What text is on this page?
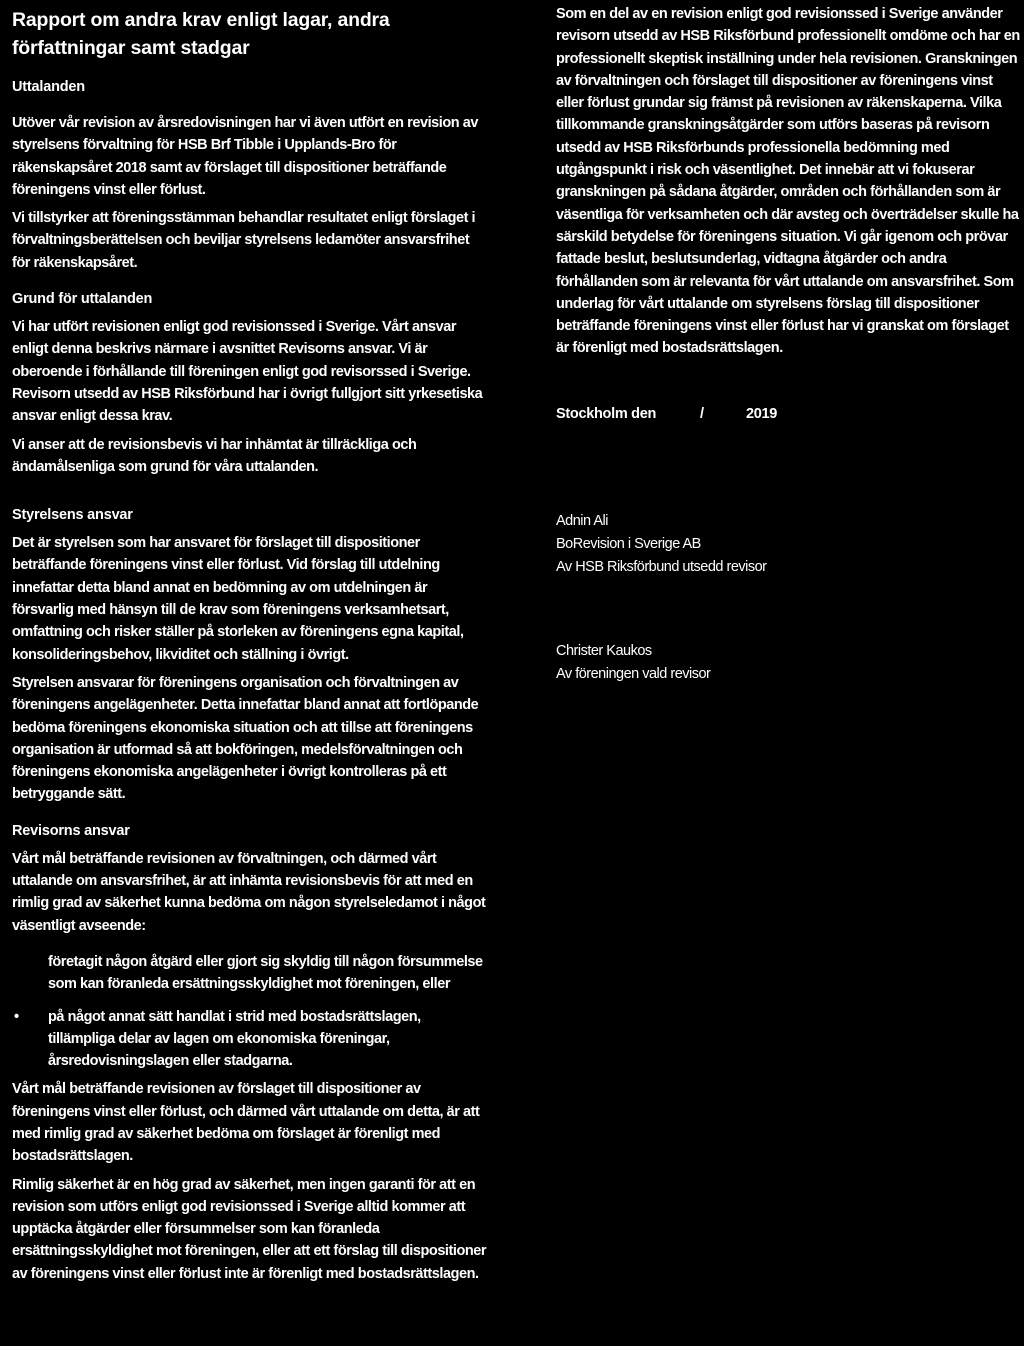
Rapport om andra krav enligt lagar, andra författningar samt stadgar
Uttalanden

Utöver vår revision av årsredovisningen har vi även utfört en revision av styrelsens förvaltning för HSB Brf Tibble i Upplands-Bro för räkenskapsåret 2018 samt av förslaget till dispositioner beträffande föreningens vinst eller förlust.

Vi tillstyrker att föreningsstämman behandlar resultatet enligt förslaget i förvaltningsberättelsen och beviljar styrelsens ledamöter ansvarsfrihet för räkenskapsåret.

Grund för uttalanden

Vi har utfört revisionen enligt god revisionssed i Sverige. Vårt ansvar enligt denna beskrivs närmare i avsnittet Revisorns ansvar. Vi är oberoende i förhållande till föreningen enligt god revisorssed i Sverige. Revisorn utsedd av HSB Riksförbund har i övrigt fullgjort sitt yrkesetiska ansvar enligt dessa krav.

Vi anser att de revisionsbevis vi har inhämtat är tillräckliga och ändamålsenliga som grund för våra uttalanden.

Styrelsens ansvar

Det är styrelsen som har ansvaret för förslaget till dispositioner beträffande föreningens vinst eller förlust. Vid förslag till utdelning innefattar detta bland annat en bedömning av om utdelningen är försvarlig med hänsyn till de krav som föreningens verksamhetsart, omfattning och risker ställer på storleken av föreningens egna kapital, konsolideringsbehov, likviditet och ställning i övrigt.

Styrelsen ansvarar för föreningens organisation och förvaltningen av föreningens angelägenheter. Detta innefattar bland annat att fortlöpande bedöma föreningens ekonomiska situation och att tillse att föreningens organisation är utformad så att bokföringen, medelsförvaltningen och föreningens ekonomiska angelägenheter i övrigt kontrolleras på ett betryggande sätt.

Revisorns ansvar

Vårt mål beträffande revisionen av förvaltningen, och därmed vårt uttalande om ansvarsfrihet, är att inhämta revisionsbevis för att med en rimlig grad av säkerhet kunna bedöma om någon styrelseledamot i något väsentligt avseende:

företagit någon åtgärd eller gjort sig skyldig till någon försummelse som kan föranleda ersättningsskyldighet mot föreningen, eller
•	på något annat sätt handlat i strid med bostadsrättslagen, tillämpliga delar av lagen om ekonomiska föreningar, årsredovisningslagen eller stadgarna.

Vårt mål beträffande revisionen av förslaget till dispositioner av föreningens vinst eller förlust, och därmed vårt uttalande om detta, är att med rimlig grad av säkerhet bedöma om förslaget är förenligt med bostadsrättslagen.

Rimlig säkerhet är en hög grad av säkerhet, men ingen garanti för att en revision som utförs enligt god revisionssed i Sverige alltid kommer att upptäcka åtgärder eller försummelser som kan föranleda ersättningsskyldighet mot föreningen, eller att ett förslag till dispositioner av föreningens vinst eller förlust inte är förenligt med bostadsrättslagen.

Som en del av en revision enligt god revisionssed i Sverige använder revisorn utsedd av HSB Riksförbund professionellt omdöme och har en professionellt skeptisk inställning under hela revisionen. Granskningen av förvaltningen och förslaget till dispositioner av föreningens vinst eller förlust grundar sig främst på revisionen av räkenskaperna. Vilka tillkommande granskningsåtgärder som utförs baseras på revisorn utsedd av HSB Riksförbunds professionella bedömning med utgångspunkt i risk och väsentlighet. Det innebär att vi fokuserar granskningen på sådana åtgärder, områden och förhållanden som är väsentliga för verksamheten och där avsteg och överträdelser skulle ha särskild betydelse för föreningens situation. Vi går igenom och prövar fattade beslut, beslutsunderlag, vidtagna åtgärder och andra förhållanden som är relevanta för vårt uttalande om ansvarsfrihet. Som underlag för vårt uttalande om styrelsens förslag till dispositioner beträffande föreningens vinst eller förlust har vi granskat om förslaget är förenligt med bostadsrättslagen.

Stockholm den	/	2019

Adnin Ali

BoRevision i Sverige AB

Av HSB Riksförbund utsedd revisor

Christer Kaukos

Av föreningen vald revisor
